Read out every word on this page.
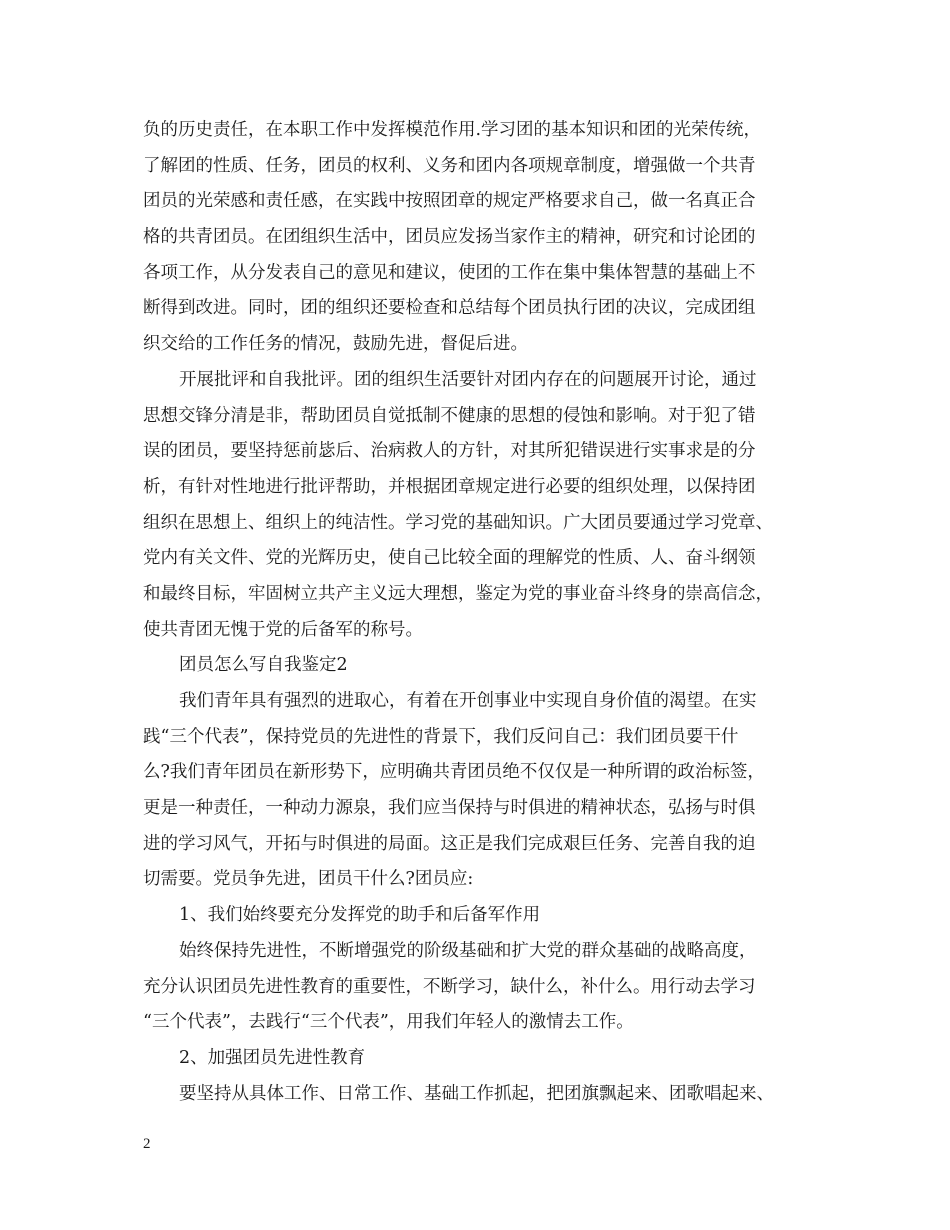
负的历史责任，在本职工作中发挥模范作用.学习团的基本知识和团的光荣传统，
了解团的性质、任务，团员的权利、义务和团内各项规章制度，增强做一个共青
团员的光荣感和责任感，在实践中按照团章的规定严格要求自己，做一名真正合
格的共青团员。在团组织生活中，团员应发扬当家作主的精神，研究和讨论团的
各项工作，从分发表自己的意见和建议，使团的工作在集中集体智慧的基础上不
断得到改进。同时，团的组织还要检查和总结每个团员执行团的决议，完成团组
织交给的工作任务的情况，鼓励先进，督促后进。
开展批评和自我批评。团的组织生活要针对团内存在的问题展开讨论，通过
思想交锋分清是非，帮助团员自觉抵制不健康的思想的侵蚀和影响。对于犯了错
误的团员，要坚持惩前毖后、治病救人的方针，对其所犯错误进行实事求是的分
析，有针对性地进行批评帮助，并根据团章规定进行必要的组织处理，以保持团
组织在思想上、组织上的纯洁性。学习党的基础知识。广大团员要通过学习党章、
党内有关文件、党的光辉历史，使自己比较全面的理解党的性质、人、奋斗纲领
和最终目标，牢固树立共产主义远大理想，鉴定为党的事业奋斗终身的崇高信念，
使共青团无愧于党的后备军的称号。
团员怎么写自我鉴定2
我们青年具有强烈的进取心，有着在开创事业中实现自身价值的渴望。在实
践“三个代表”，保持党员的先进性的背景下，我们反问自己：我们团员要干什
么?我们青年团员在新形势下，应明确共青团员绝不仅仅是一种所谓的政治标签，
更是一种责任，一种动力源泉，我们应当保持与时俱进的精神状态，弘扬与时俱
进的学习风气，开拓与时俱进的局面。这正是我们完成艰巨任务、完善自我的迫
切需要。党员争先进，团员干什么?团员应:
1、我们始终要充分发挥党的助手和后备军作用
始终保持先进性，不断增强党的阶级基础和扩大党的群众基础的战略高度，
充分认识团员先进性教育的重要性，不断学习，缺什么，补什么。用行动去学习
“三个代表”，去践行“三个代表”，用我们年轻人的激情去工作。
2、加强团员先进性教育
要坚持从具体工作、日常工作、基础工作抓起，把团旗飘起来、团歌唱起来、
2
